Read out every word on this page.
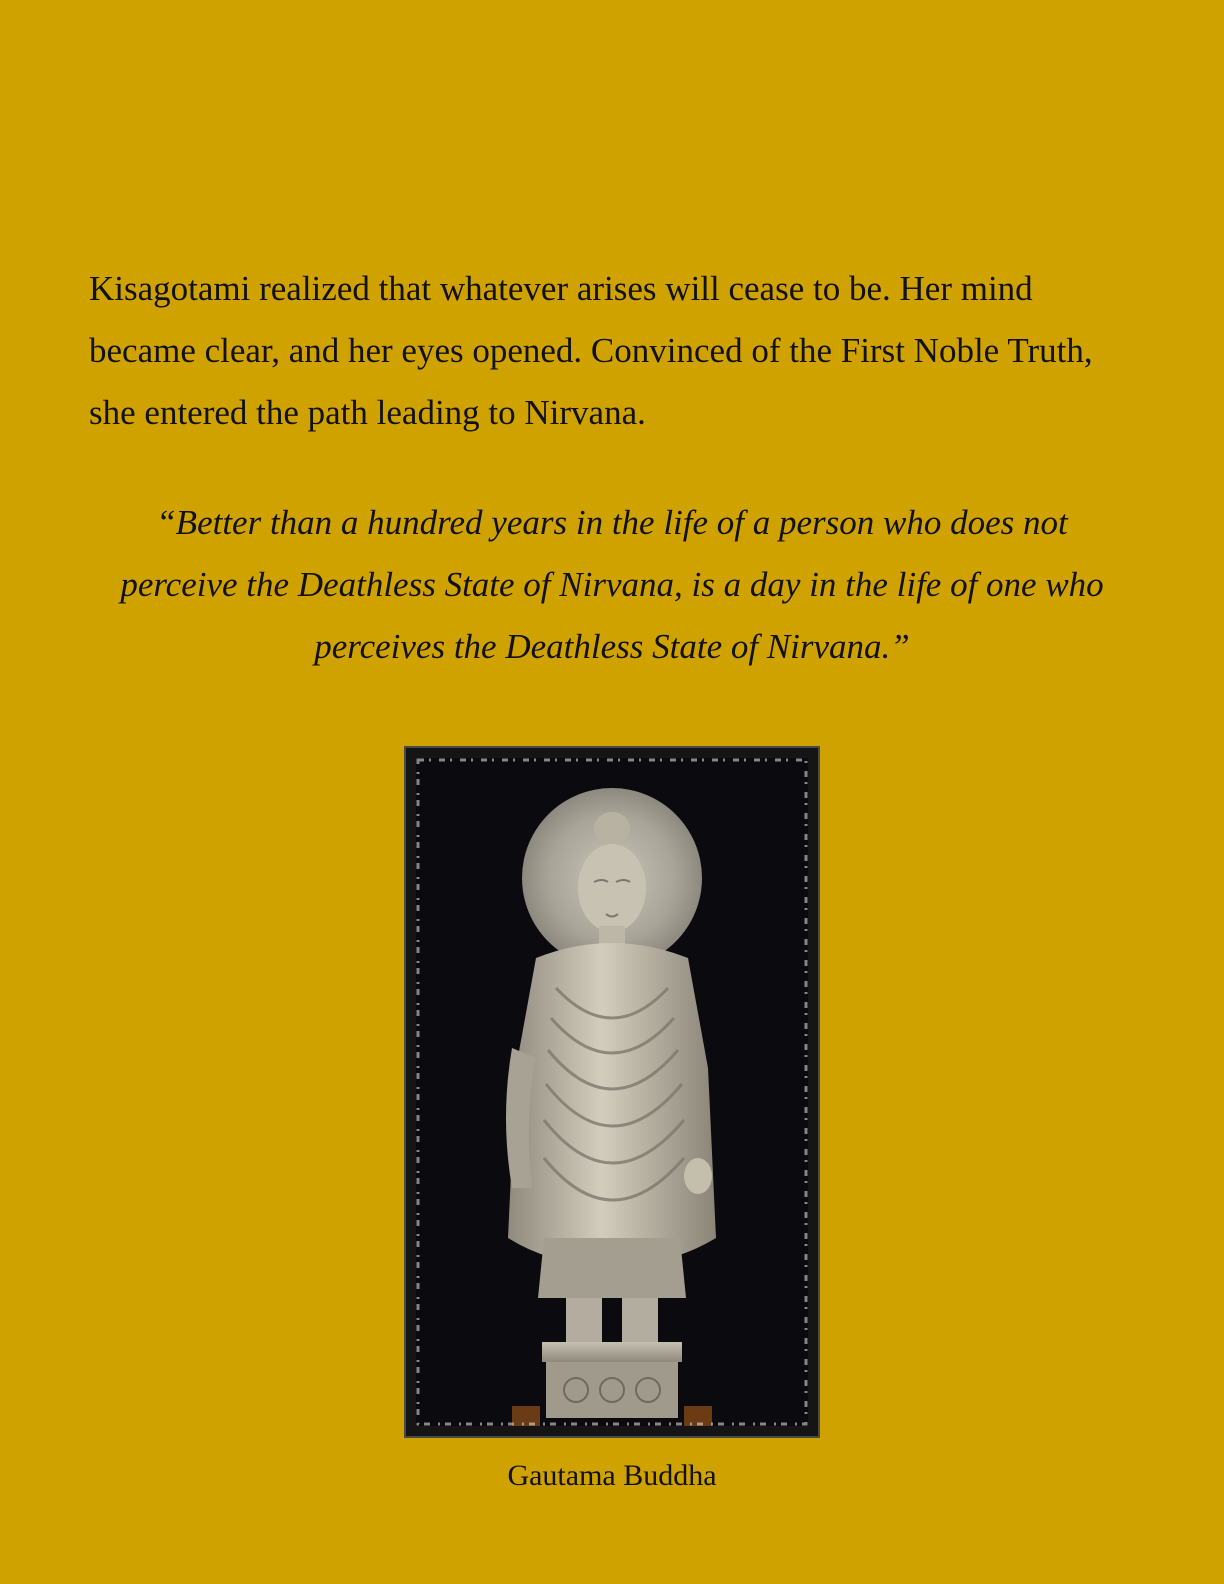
Kisagotami realized that whatever arises will cease to be. Her mind became clear, and her eyes opened. Convinced of the First Noble Truth, she entered the path leading to Nirvana.

“Better than a hundred years in the life of a person who does not perceive the Deathless State of Nirvana, is a day in the life of one who perceives the Deathless State of Nirvana.”

Gautama Buddha
